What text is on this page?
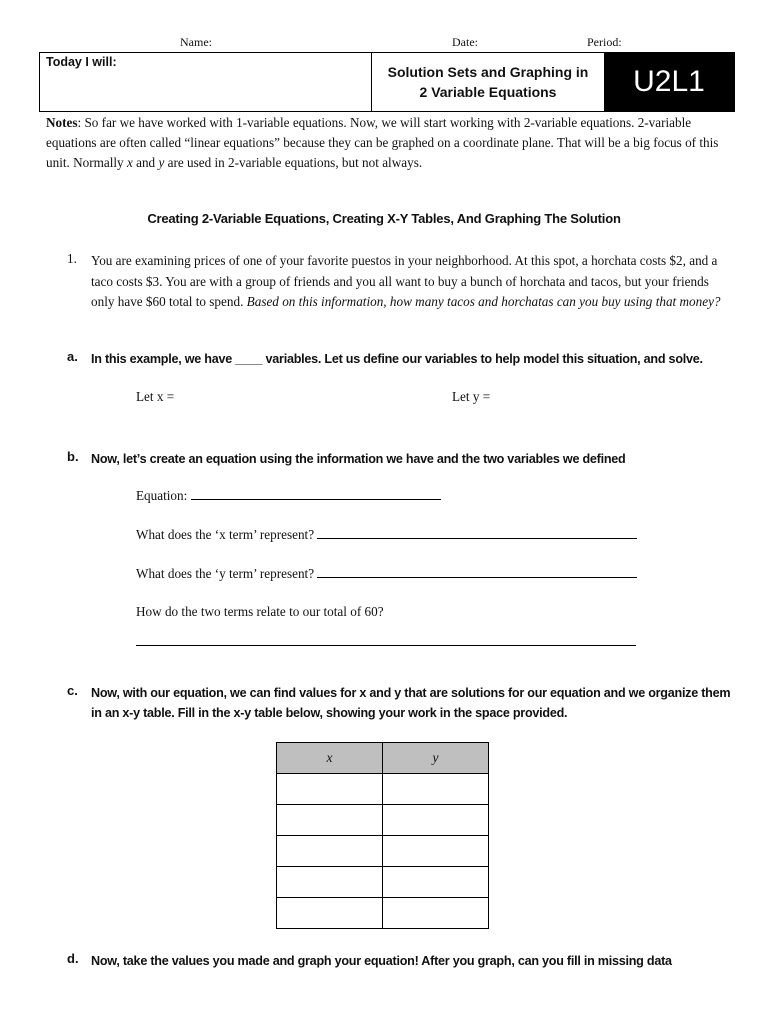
Name:	Date:	Period:
Today I will:
Solution Sets and Graphing in
2 Variable Equations	U2L1
Notes: So far we have worked with 1-variable equations. Now, we will start working with 2-variable equations. 2-variable equations are often called “linear equations” because they can be graphed on a coordinate plane. That will be a big focus of this unit. Normally x and y are used in 2-variable equations, but not always.
Creating 2-Variable Equations, Creating X-Y Tables, And Graphing The Solution
1. You are examining prices of one of your favorite puestos in your neighborhood. At this spot, a horchata costs $2, and a taco costs $3. You are with a group of friends and you all want to buy a bunch of horchata and tacos, but your friends only have $60 total to spend. Based on this information, how many tacos and horchatas can you buy using that money?
a. In this example, we have ____ variables. Let us define our variables to help model this situation, and solve.
Let x =	Let y =
b. Now, let’s create an equation using the information we have and the two variables we defined
Equation:
What does the ‘x term’ represent?
What does the ‘y term’ represent?
How do the two terms relate to our total of 60?
c. Now, with our equation, we can find values for x and y that are solutions for our equation and we organize them in an x-y table. Fill in the x-y table below, showing your work in the space provided.
x	y

d. Now, take the values you made and graph your equation! After you graph, can you fill in missing data
